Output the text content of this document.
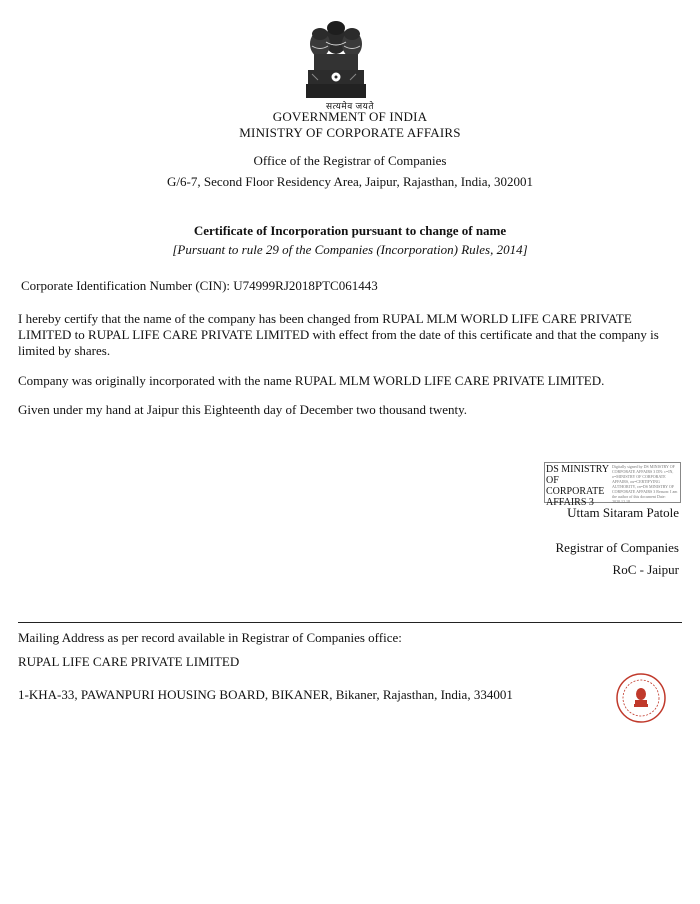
सत्यमेव जयते
GOVERNMENT OF INDIA
MINISTRY OF CORPORATE AFFAIRS
Office of the Registrar of Companies
G/6-7, Second Floor Residency Area, Jaipur, Rajasthan, India, 302001
Certificate of Incorporation pursuant to change of name
[Pursuant to rule 29 of the Companies (Incorporation) Rules, 2014]
Corporate Identification Number (CIN): U74999RJ2018PTC061443
I hereby certify that the name of the company has been changed from RUPAL MLM WORLD LIFE CARE PRIVATE LIMITED to RUPAL LIFE CARE PRIVATE LIMITED with effect from the date of this certificate and that the company is limited by shares.
Company was originally incorporated with the name RUPAL MLM WORLD LIFE CARE PRIVATE LIMITED.
Given under my hand at Jaipur this Eighteenth day of December two thousand twenty.
DS MINISTRY OF CORPORATE AFFAIRS 3
Digitally signed by DS MINISTRY OF CORPORATE AFFAIRS 3 DN: c=IN, o=MINISTRY OF CORPORATE AFFAIRS, ou=CERTIFYING AUTHORITY, cn=DS MINISTRY OF CORPORATE AFFAIRS 3 Reason: I am the author of this document Date: 2020.12.18
Uttam Sitaram Patole
Registrar of Companies
RoC - Jaipur
Mailing Address as per record available in Registrar of Companies office:
RUPAL LIFE CARE PRIVATE LIMITED
1-KHA-33, PAWANPURI HOUSING BOARD, BIKANER, Bikaner, Rajasthan, India, 334001
